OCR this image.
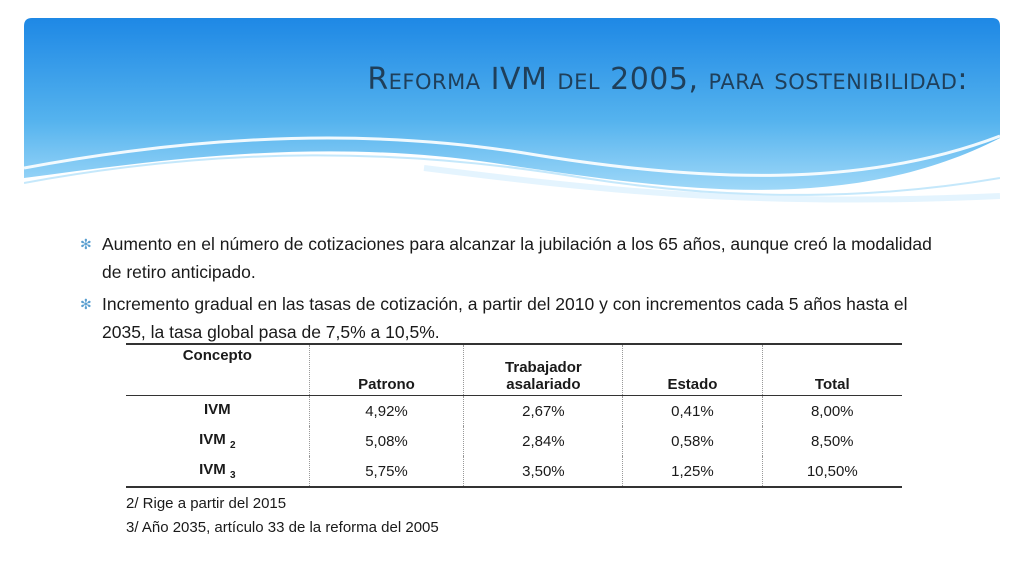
Reforma IVM del 2005, para sostenibilidad:
✻ Aumento en el número de cotizaciones para alcanzar la jubilación a los 65 años, aunque creó la modalidad de retiro anticipado.
✻ Incremento gradual en las tasas de cotización, a partir del 2010 y con incrementos cada 5 años hasta el 2035, la tasa global pasa de 7,5% a 10,5%.
Concepto	Patrono	Trabajador asalariado	Estado	Total
IVM	4,92%	2,67%	0,41%	8,00%
IVM $_2$	5,08%	2,84%	0,58%	8,50%
IVM $_3$	5,75%	3,50%	1,25%	10,50%
2/ Rige a partir del 2015
3/ Año 2035, artículo 33 de la reforma del 2005
